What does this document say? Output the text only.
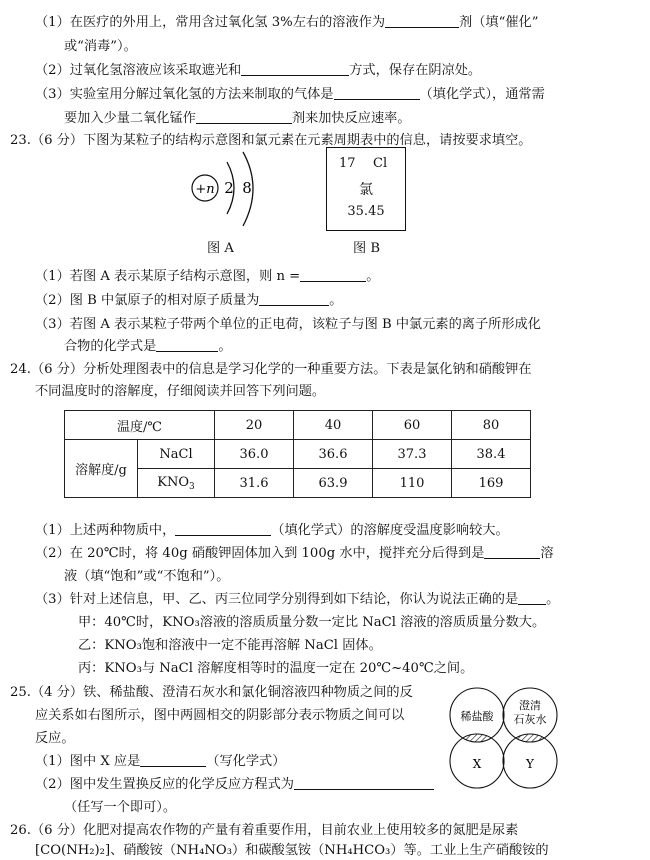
（1）在医疗的外用上，常用含过氧化氢 3%左右的溶液作为	剂（填“催化”
或“消毒”）。
（2）过氧化氢溶液应该采取遮光和	方式，保存在阴凉处。
（3）实验室用分解过氧化氢的方法来制取的气体是	（填化学式），通常需
要加入少量二氧化锰作	剂来加快反应速率。
23.（6 分）下图为某粒子的结构示意图和氯元素在元素周期表中的信息，请按要求填空。
+n 2 8
17 Cl
氯
35.45
图 A	图 B
（1）若图 A 表示某原子结构示意图，则 n =	。
（2）图 B 中氯原子的相对原子质量为	。
（3）若图 A 表示某粒子带两个单位的正电荷，该粒子与图 B 中氯元素的离子所形成化
合物的化学式是	。
24.（6 分）分析处理图表中的信息是学习化学的一种重要方法。下表是氯化钠和硝酸钾在
不同温度时的溶解度，仔细阅读并回答下列问题。
温度/℃		20	40	60	80
溶解度/g	NaCl	36.0	36.6	37.3	38.4
	$KNO_3$	31.6	63.9	110	169
（1）上述两种物质中，	（填化学式）的溶解度受温度影响较大。
（2）在 20℃时，将 40g 硝酸钾固体加入到 100g 水中，搅拌充分后得到是	溶
液（填“饱和”或“不饱和”）。
（3）针对上述信息，甲、乙、丙三位同学分别得到如下结论，你认为说法正确的是 。
甲：40℃时，KNO₃溶液的溶质质量分数一定比 NaCl 溶液的溶质质量分数大。
乙：KNO₃饱和溶液中一定不能再溶解 NaCl 固体。
丙：KNO₃与 NaCl 溶解度相等时的温度一定在 20℃~40℃之间。
25.（4 分）铁、稀盐酸、澄清石灰水和氯化铜溶液四种物质之间的反
应关系如右图所示，图中两圆相交的阴影部分表示物质之间可以
反应。
（1）图中 X 应是	（写化学式）
（2）图中发生置换反应的化学反应方程式为
（任写一个即可）。
稀盐酸
澄清
石灰水
X	Y
26.（6 分）化肥对提高农作物的产量有着重要作用，目前农业上使用较多的氮肥是尿素
[CO(NH₂)₂]、硝酸铵（NH₄NO₃）和碳酸氢铵（NH₄HCO₃）等。工业上生产硝酸铵的
